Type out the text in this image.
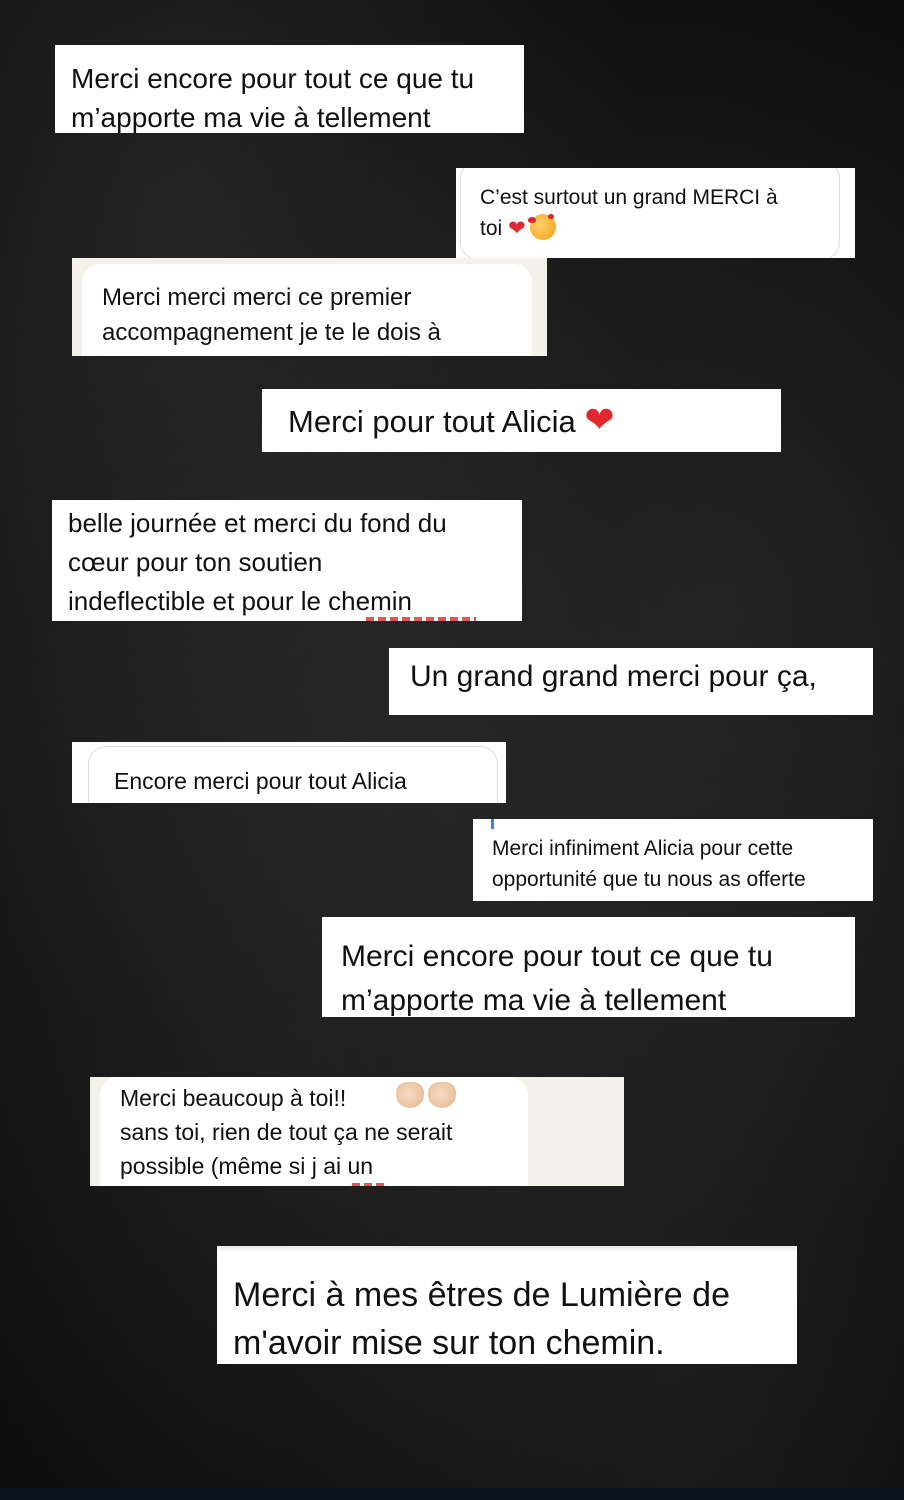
Merci encore pour tout ce que tu
m’apporte ma vie à tellement
C’est surtout un grand MERCI à
toi ❤
Merci merci merci ce premier
accompagnement je te le dois à
Merci pour tout Alicia ❤
belle journée et merci du fond du
cœur pour ton soutien
indeflectible et pour le chemin
Un grand grand merci pour ça,
Encore merci pour tout Alicia
Merci infiniment Alicia pour cette
opportunité que tu nous as offerte
Merci encore pour tout ce que tu
m’apporte ma vie à tellement
Merci beaucoup à toi!!
sans toi, rien de tout ça ne serait
possible (même si j ai un
Merci à mes êtres de Lumière de
m'avoir mise sur ton chemin.
